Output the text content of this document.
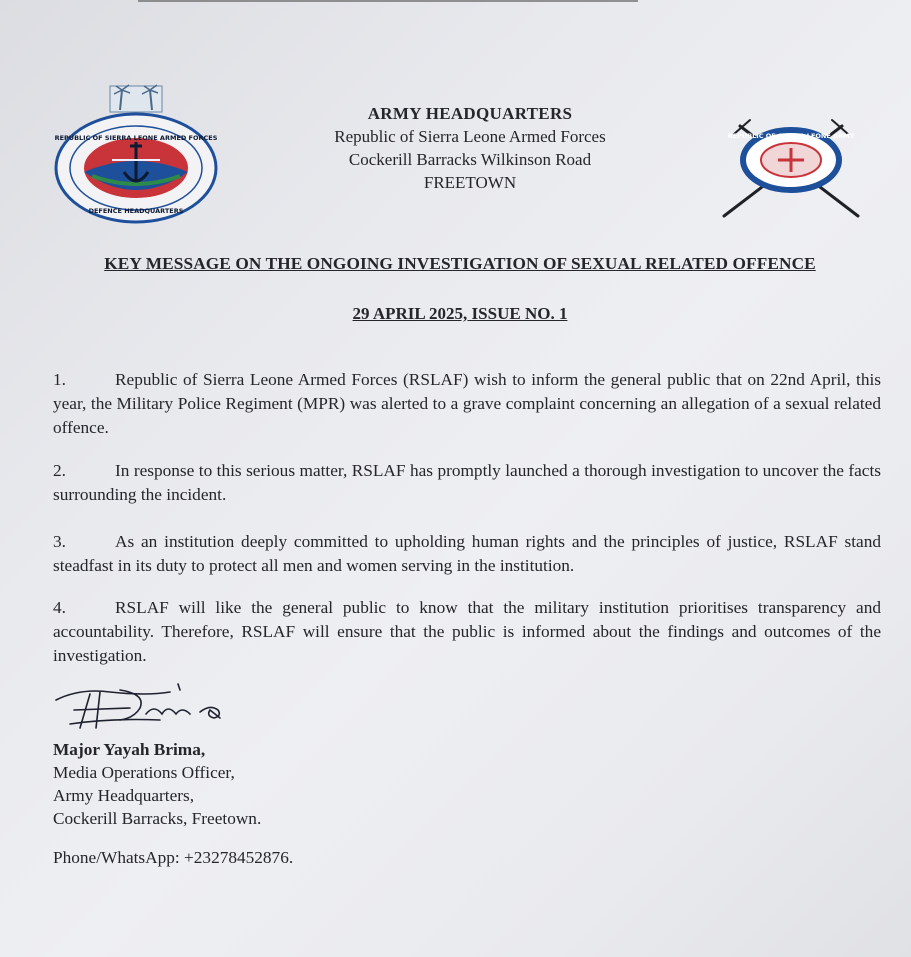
REPUBLIC OF SIERRA LEONE ARMED FORCES
DEFENCE HEADQUARTERS
ARMY HEADQUARTERS
Republic of Sierra Leone Armed Forces
Cockerill Barracks Wilkinson Road
FREETOWN
REPUBLIC OF SIERRA LEONE ARMY
KEY MESSAGE ON THE ONGOING INVESTIGATION OF SEXUAL RELATED OFFENCE
29 APRIL 2025, ISSUE NO. 1
1.	Republic of Sierra Leone Armed Forces (RSLAF) wish to inform the general public that on 22nd April, this year, the Military Police Regiment (MPR) was alerted to a grave complaint concerning an allegation of a sexual related offence.
2.	In response to this serious matter, RSLAF has promptly launched a thorough investigation to uncover the facts surrounding the incident.
3.	As an institution deeply committed to upholding human rights and the principles of justice, RSLAF stand steadfast in its duty to protect all men and women serving in the institution.
4.	RSLAF will like the general public to know that the military institution prioritises transparency and accountability. Therefore, RSLAF will ensure that the public is informed about the findings and outcomes of the investigation.
Major Yayah Brima,
Media Operations Officer,
Army Headquarters,
Cockerill Barracks, Freetown.
Phone/WhatsApp: +23278452876.
